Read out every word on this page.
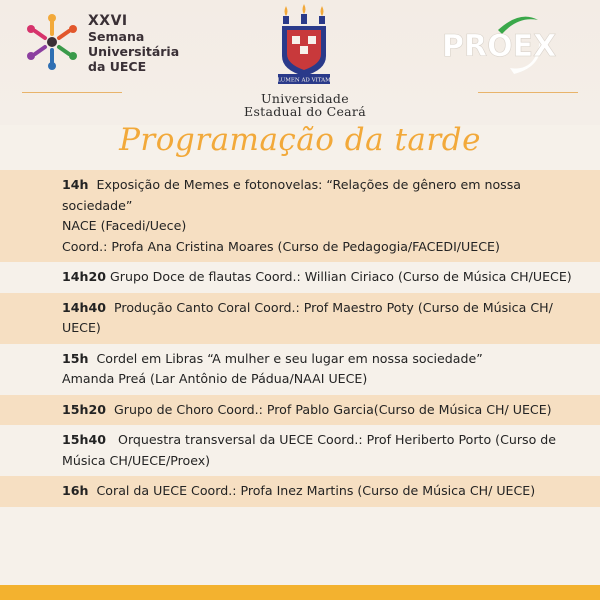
XXVI
Semana
Universitária
da UECE
LUMEN AD VITAM
Universidade
Estadual do Ceará
PROEX
Programação da tarde
14h Exposição de Memes e fotonovelas: “Relações de gênero em nossa sociedade”
NACE (Facedi/Uece)
Coord.: Profa Ana Cristina Moares (Curso de Pedagogia/FACEDI/UECE)
14h20 Grupo Doce de flautas Coord.: Willian Ciriaco (Curso de Música CH/UECE)
14h40 Produção Canto Coral Coord.: Prof Maestro Poty (Curso de Música CH/ UECE)
15h Cordel em Libras “A mulher e seu lugar em nossa sociedade”
Amanda Preá (Lar Antônio de Pádua/NAAI UECE)
15h20 Grupo de Choro Coord.: Prof Pablo Garcia(Curso de Música CH/ UECE)
15h40 Orquestra transversal da UECE Coord.: Prof Heriberto Porto (Curso de Música CH/UECE/Proex)
16h Coral da UECE Coord.: Profa Inez Martins (Curso de Música CH/ UECE)
